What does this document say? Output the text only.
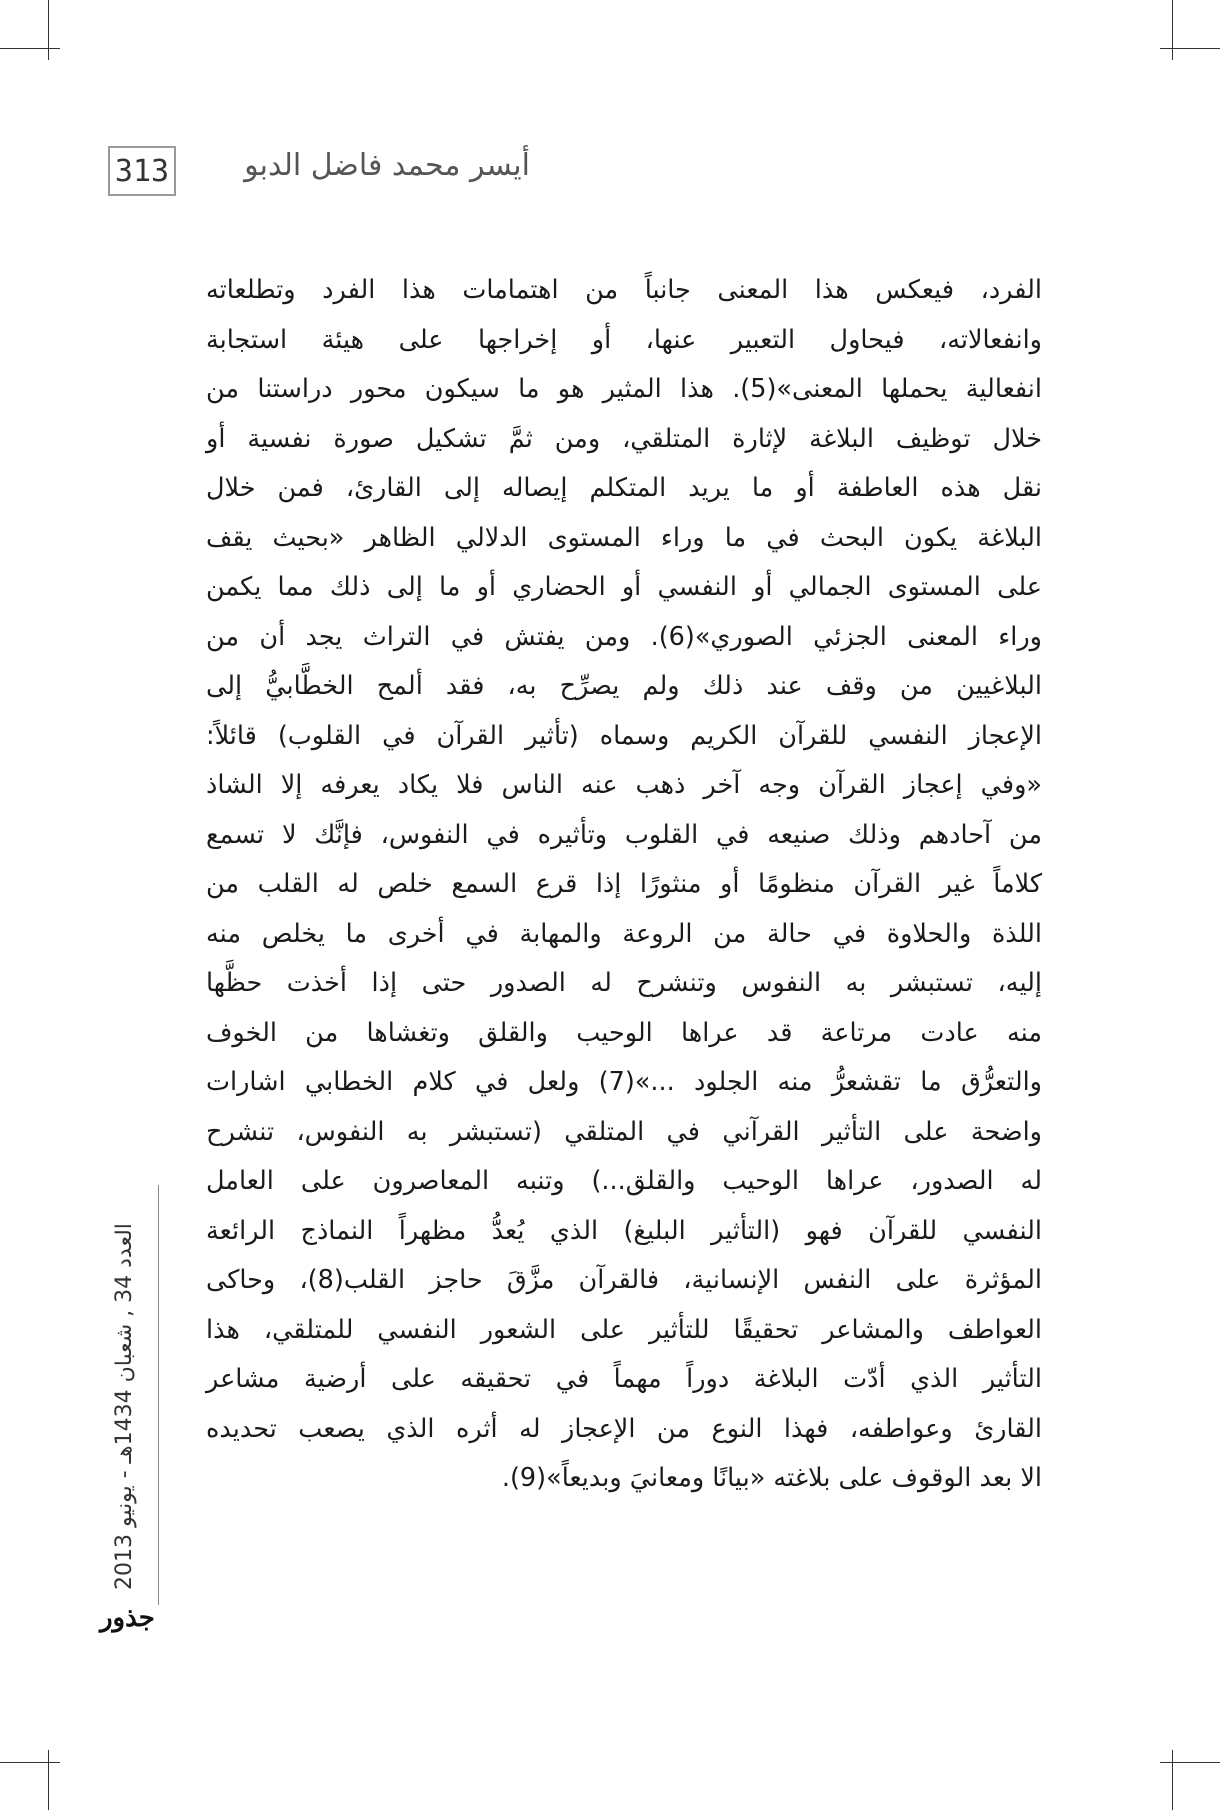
313	أيسر محمد فاضل الدبو
الفرد، فيعكس هذا المعنى جانباً من اهتمامات هذا الفرد وتطلعاته
وانفعالاته، فيحاول التعبير عنها، أو إخراجها على هيئة استجابة
انفعالية يحملها المعنى»(5). هذا المثير هو ما سيكون محور دراستنا من
خلال توظيف البلاغة لإثارة المتلقي، ومن ثمَّ تشكيل صورة نفسية أو
نقل هذه العاطفة أو ما يريد المتكلم إيصاله إلى القارئ، فمن خلال
البلاغة يكون البحث في ما وراء المستوى الدلالي الظاهر «بحيث يقف
على المستوى الجمالي أو النفسي أو الحضاري أو ما إلى ذلك مما يكمن
وراء المعنى الجزئي الصوري»(6). ومن يفتش في التراث يجد أن من
البلاغيين من وقف عند ذلك ولم يصرِّح به، فقد ألمح الخطَّابيُّ إلى
الإعجاز النفسي للقرآن الكريم وسماه (تأثير القرآن في القلوب) قائلاً:
«وفي إعجاز القرآن وجه آخر ذهب عنه الناس فلا يكاد يعرفه إلا الشاذ
من آحادهم وذلك صنيعه في القلوب وتأثيره في النفوس، فإنَّك لا تسمع
كلاماً غير القرآن منظومًا أو منثورًا إذا قرع السمع خلص له القلب من
اللذة والحلاوة في حالة من الروعة والمهابة في أخرى ما يخلص منه
إليه، تستبشر به النفوس وتنشرح له الصدور حتى إذا أخذت حظَّها
منه عادت مرتاعة قد عراها الوحيب والقلق وتغشاها من الخوف
والتعرُّق ما تقشعرُّ منه الجلود ...»(7) ولعل في كلام الخطابي اشارات
واضحة على التأثير القرآني في المتلقي (تستبشر به النفوس، تنشرح
له الصدور، عراها الوحيب والقلق...) وتنبه المعاصرون على العامل
النفسي للقرآن فهو (التأثير البليغ) الذي يُعدُّ مظهراً النماذج الرائعة
المؤثرة على النفس الإنسانية، فالقرآن مزَّقَ حاجز القلب(8)، وحاكى
العواطف والمشاعر تحقيقًا للتأثير على الشعور النفسي للمتلقي، هذا
التأثير الذي أدّت البلاغة دوراً مهماً في تحقيقه على أرضية مشاعر
القارئ وعواطفه، فهذا النوع من الإعجاز له أثره الذي يصعب تحديده
الا بعد الوقوف على بلاغته «بيانًا ومعانيَ وبديعاً»(9).
العدد 34 , شعبان 1434هـ - يونيو 2013
جذور
